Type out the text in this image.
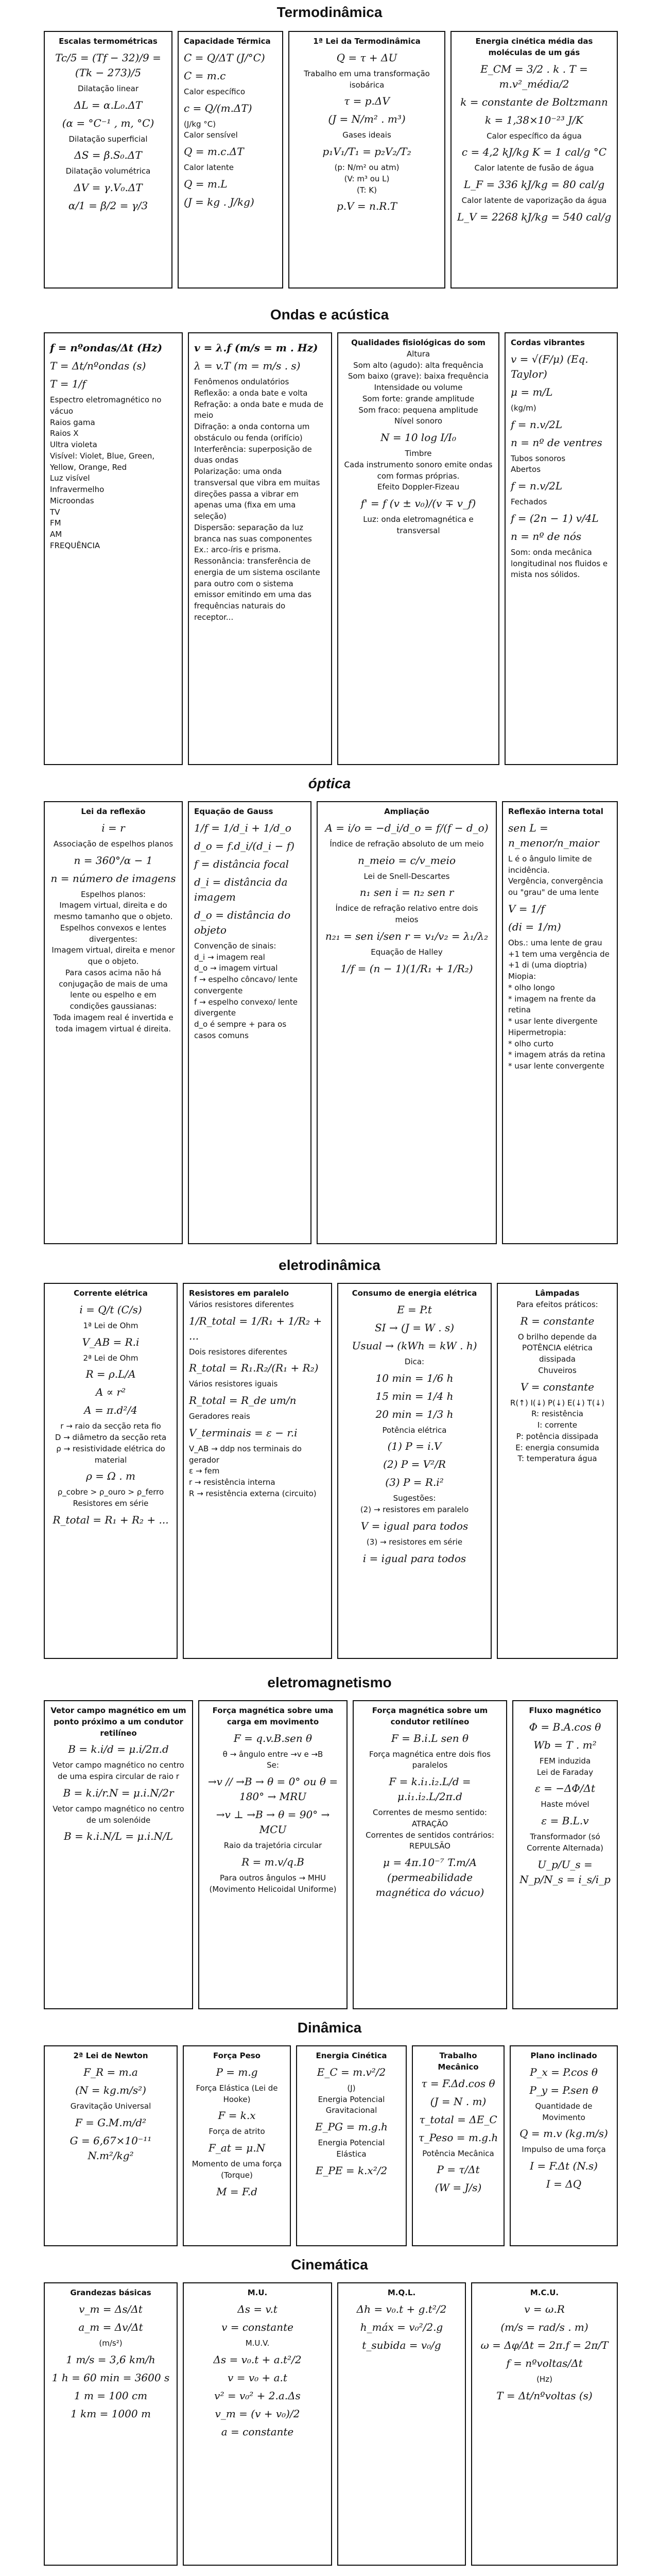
Termodinâmica
Ondas e acústica
óptica
eletrodinâmica
eletromagnetismo
Dinâmica
Cinemática
Escalas termométricas
Tc/5 = (Tf − 32)/9 = (Tk − 273)/5
Dilatação linear
ΔL = α.L₀.ΔT
(α = °C⁻¹ , m, °C)
Dilatação superficial
ΔS = β.S₀.ΔT
Dilatação volumétrica
ΔV = γ.V₀.ΔT
α/1 = β/2 = γ/3
Capacidade Térmica
C = Q/ΔT (J/°C)
C = m.c
Calor específico
c = Q/(m.ΔT)
(J/kg °C)
Calor sensível
Q = m.c.ΔT
Calor latente
Q = m.L
(J = kg . J/kg)
1ª Lei da Termodinâmica
Q = τ + ΔU
Trabalho em uma transformação isobárica
τ = p.ΔV
(J = N/m² . m³)
Gases ideais
p₁V₁/T₁ = p₂V₂/T₂
(p: N/m² ou atm)
(V: m³ ou L)
(T: K)
p.V = n.R.T
Energia cinética média das moléculas de um gás
E_CM = 3/2 . k . T = m.v²_média/2
k = constante de Boltzmann
k = 1,38×10⁻²³ J/K
Calor específico da água
c = 4,2 kJ/kg K = 1 cal/g °C
Calor latente de fusão de água
L_F = 336 kJ/kg = 80 cal/g
Calor latente de vaporização da água
L_V = 2268 kJ/kg = 540 cal/g
f = nºondas/Δt (Hz)
T = Δt/nºondas (s)
T = 1/f
Espectro eletromagnético no vácuo
Raios gama
Raios X
Ultra violeta
Visível: Violet, Blue, Green, Yellow, Orange, Red
Luz visível
Infravermelho
Microondas
TV
FM
AM
FREQUÊNCIA
v = λ.f (m/s = m . Hz)
λ = v.T (m = m/s . s)
Fenômenos ondulatórios
Reflexão: a onda bate e volta
Refração: a onda bate e muda de meio
Difração: a onda contorna um obstáculo ou fenda (orifício)
Interferência: superposição de duas ondas
Polarização: uma onda transversal que vibra em muitas direções passa a vibrar em apenas uma (fixa em uma seleção)
Dispersão: separação da luz branca nas suas componentes
Ex.: arco-íris e prisma.
Ressonância: transferência de energia de um sistema oscilante para outro com o sistema emissor emitindo em uma das frequências naturais do receptor...
Qualidades fisiológicas do som
Altura
Som alto (agudo): alta frequência
Som baixo (grave): baixa frequência
Intensidade ou volume
Som forte: grande amplitude
Som fraco: pequena amplitude
Nível sonoro
N = 10 log I/I₀
Timbre
Cada instrumento sonoro emite ondas com formas próprias.
Efeito Doppler-Fizeau
f' = f (v ± v₀)/(v ∓ v_f)
Luz: onda eletromagnética e transversal
Cordas vibrantes
v = √(F/μ) (Eq. Taylor)
μ = m/L
(kg/m)
f = n.v/2L
n = nº de ventres
Tubos sonoros
Abertos
f = n.v/2L
Fechados
f = (2n − 1) v/4L
n = nº de nós
Som: onda mecânica longitudinal nos fluidos e mista nos sólidos.
Lei da reflexão
i = r
Associação de espelhos planos
n = 360°/α − 1
n = número de imagens
Espelhos planos:
Imagem virtual, direita e do mesmo tamanho que o objeto.
Espelhos convexos e lentes divergentes:
Imagem virtual, direita e menor que o objeto.
Para casos acima não há conjugação de mais de uma lente ou espelho e em condições gaussianas:
Toda imagem real é invertida e toda imagem virtual é direita.
Equação de Gauss
1/f = 1/d_i + 1/d_o
d_o = f.d_i/(d_i − f)
f = distância focal
d_i = distância da imagem
d_o = distância do objeto
Convenção de sinais:
d_i → imagem real
d_o → imagem virtual
f → espelho côncavo/ lente convergente
f → espelho convexo/ lente divergente
d_o é sempre + para os casos comuns
Ampliação
A = i/o = −d_i/d_o = f/(f − d_o)
Índice de refração absoluto de um meio
n_meio = c/v_meio
Lei de Snell-Descartes
n₁ sen i = n₂ sen r
Índice de refração relativo entre dois meios
n₂₁ = sen i/sen r = v₁/v₂ = λ₁/λ₂
Equação de Halley
1/f = (n − 1)(1/R₁ + 1/R₂)
Reflexão interna total
sen L = n_menor/n_maior
L é o ângulo limite de incidência.
Vergência, convergência ou "grau" de uma lente
V = 1/f
(di = 1/m)
Obs.: uma lente de grau +1 tem uma vergência de +1 di (uma dioptria)
Miopia:
* olho longo
* imagem na frente da retina
* usar lente divergente
Hipermetropia:
* olho curto
* imagem atrás da retina
* usar lente convergente
Corrente elétrica
i = Q/t (C/s)
1ª Lei de Ohm
V_AB = R.i
2ª Lei de Ohm
R = ρ.L/A
A ∝ r²
A = π.d²/4
r → raio da secção reta fio
D → diâmetro da secção reta
ρ → resistividade elétrica do material
ρ = Ω . m
ρ_cobre > ρ_ouro > ρ_ferro
Resistores em série
R_total = R₁ + R₂ + ...
Resistores em paralelo
Vários resistores diferentes
1/R_total = 1/R₁ + 1/R₂ + ...
Dois resistores diferentes
R_total = R₁.R₂/(R₁ + R₂)
Vários resistores iguais
R_total = R_de um/n
Geradores reais
V_terminais = ε − r.i
V_AB → ddp nos terminais do gerador
ε → fem
r → resistência interna
R → resistência externa (circuito)
Consumo de energia elétrica
E = P.t
SI → (J = W . s)
Usual → (kWh = kW . h)
Dica:
10 min = 1/6 h
15 min = 1/4 h
20 min = 1/3 h
Potência elétrica
(1) P = i.V
(2) P = V²/R
(3) P = R.i²
Sugestões:
(2) → resistores em paralelo
V = igual para todos
(3) → resistores em série
i = igual para todos
Lâmpadas
Para efeitos práticos:
R = constante
O brilho depende da POTÊNCIA elétrica dissipada
Chuveiros
V = constante
R(↑) I(↓) P(↓) E(↓) T(↓)
R: resistência
I: corrente
P: potência dissipada
E: energia consumida
T: temperatura água
Vetor campo magnético em um ponto próximo a um condutor retilíneo
B = k.i/d = μ.i/2π.d
Vetor campo magnético no centro de uma espira circular de raio r
B = k.i/r.N = μ.i.N/2r
Vetor campo magnético no centro de um solenóide
B = k.i.N/L = μ.i.N/L
Força magnética sobre uma carga em movimento
F = q.v.B.sen θ
θ → ângulo entre →v e →B
Se:
→v // →B → θ = 0° ou θ = 180° → MRU
→v ⊥ →B → θ = 90° → MCU
Raio da trajetória circular
R = m.v/q.B
Para outros ângulos → MHU (Movimento Helicoidal Uniforme)
Força magnética sobre um condutor retilíneo
F = B.i.L sen θ
Força magnética entre dois fios paralelos
F = k.i₁.i₂.L/d = μ.i₁.i₂.L/2π.d
Correntes de mesmo sentido: ATRAÇÃO
Correntes de sentidos contrários: REPULSÃO
μ = 4π.10⁻⁷ T.m/A (permeabilidade magnética do vácuo)
Fluxo magnético
Φ = B.A.cos θ
Wb = T . m²
FEM induzida
Lei de Faraday
ε = −ΔΦ/Δt
Haste móvel
ε = B.L.v
Transformador (só Corrente Alternada)
U_p/U_s = N_p/N_s = i_s/i_p
2ª Lei de Newton
F_R = m.a
(N = kg.m/s²)
Gravitação Universal
F = G.M.m/d²
G = 6,67×10⁻¹¹ N.m²/kg²
Força Peso
P = m.g
Força Elástica (Lei de Hooke)
F = k.x
Força de atrito
F_at = μ.N
Momento de uma força (Torque)
M = F.d
Energia Cinética
E_C = m.v²/2
(J)
Energia Potencial Gravitacional
E_PG = m.g.h
Energia Potencial Elástica
E_PE = k.x²/2
Trabalho Mecânico
τ = F.Δd.cos θ
(J = N . m)
τ_total = ΔE_C
τ_Peso = m.g.h
Potência Mecânica
P = τ/Δt
(W = J/s)
Plano inclinado
P_x = P.cos θ
P_y = P.sen θ
Quantidade de Movimento
Q = m.v (kg.m/s)
Impulso de uma força
I = F.Δt (N.s)
I = ΔQ
Grandezas básicas
v_m = Δs/Δt
a_m = Δv/Δt
(m/s²)
1 m/s = 3,6 km/h
1 h = 60 min = 3600 s
1 m = 100 cm
1 km = 1000 m
M.U.
Δs = v.t
v = constante
M.U.V.
Δs = v₀.t + a.t²/2
v = v₀ + a.t
v² = v₀² + 2.a.Δs
v_m = (v + v₀)/2
a = constante
M.Q.L.
Δh = v₀.t + g.t²/2
h_máx = v₀²/2.g
t_subida = v₀/g
M.C.U.
v = ω.R
(m/s = rad/s . m)
ω = Δφ/Δt = 2π.f = 2π/T
f = nºvoltas/Δt
(Hz)
T = Δt/nºvoltas (s)
